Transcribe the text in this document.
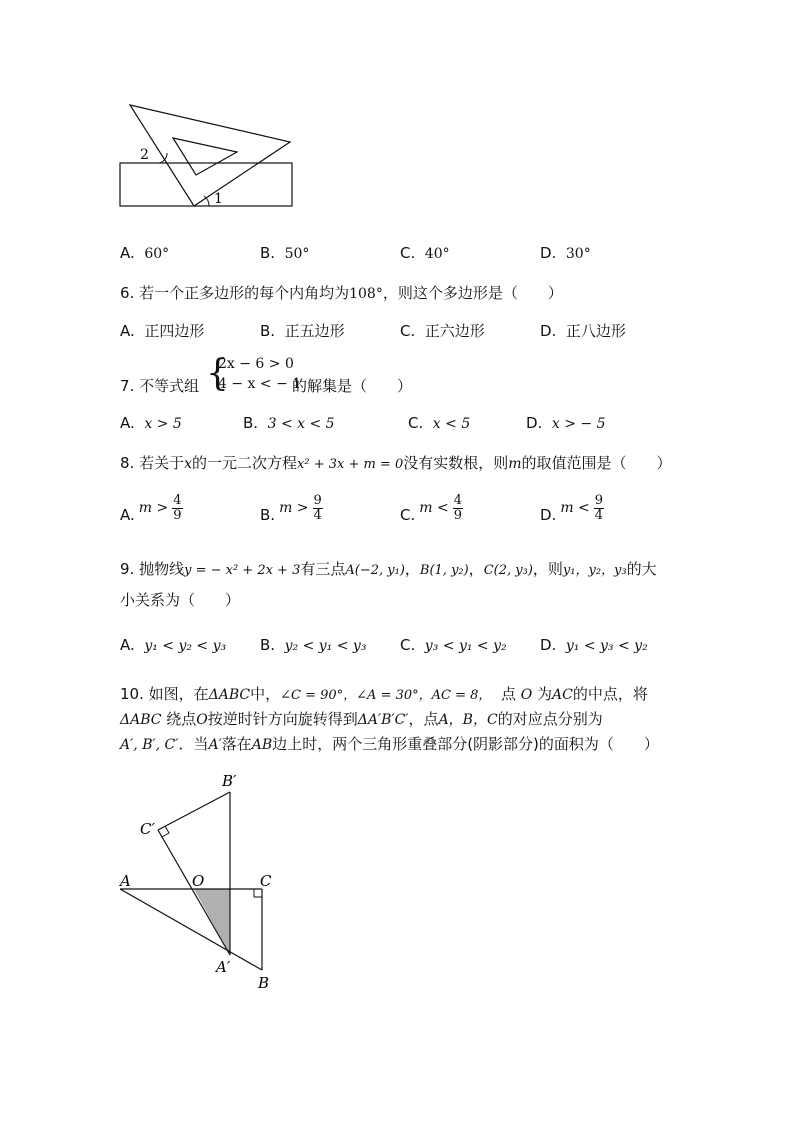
2
1
A. 60°	B. 50°	C. 40°	D. 30°
6. 若一个正多边形的每个内角均为108°，则这个多边形是（　　）
A. 正四边形	B. 正五边形	C. 正六边形	D. 正八边形
7. 不等式组 {
2x − 6 > 0
4 − x < − 1
的解集是（　　）
A. x > 5	B. 3 < x < 5	C. x < 5	D. x > − 5
8. 若关于x的一元二次方程x² + 3x + m = 0没有实数根，则m的取值范围是（　　）
A. $m > \frac{4}{9}$	B. $m > \frac{9}{4}$	C. $m < \frac{4}{9}$	D. $m < \frac{9}{4}$
9. 抛物线y = − x² + 2x + 3有三点A(−2, y₁)，B(1, y₂)，C(2, y₃)，则y₁，y₂，y₃的大
小关系为（　　）
A. y₁ < y₂ < y₃ B. y₂ < y₁ < y₃ C. y₃ < y₁ < y₂ D. y₁ < y₃ < y₂
10. 如图，在ΔABC中，∠C = 90°，∠A = 30°，AC = 8， 点 O 为AC的中点，将
ΔABC 绕点O按逆时针方向旋转得到ΔA′B′C′，点A，B，C的对应点分别为
A′, B′, C′．当A′落在AB边上时，两个三角形重叠部分(阴影部分)的面积为（　　）
A	O	C
B
B′
C′
A′
